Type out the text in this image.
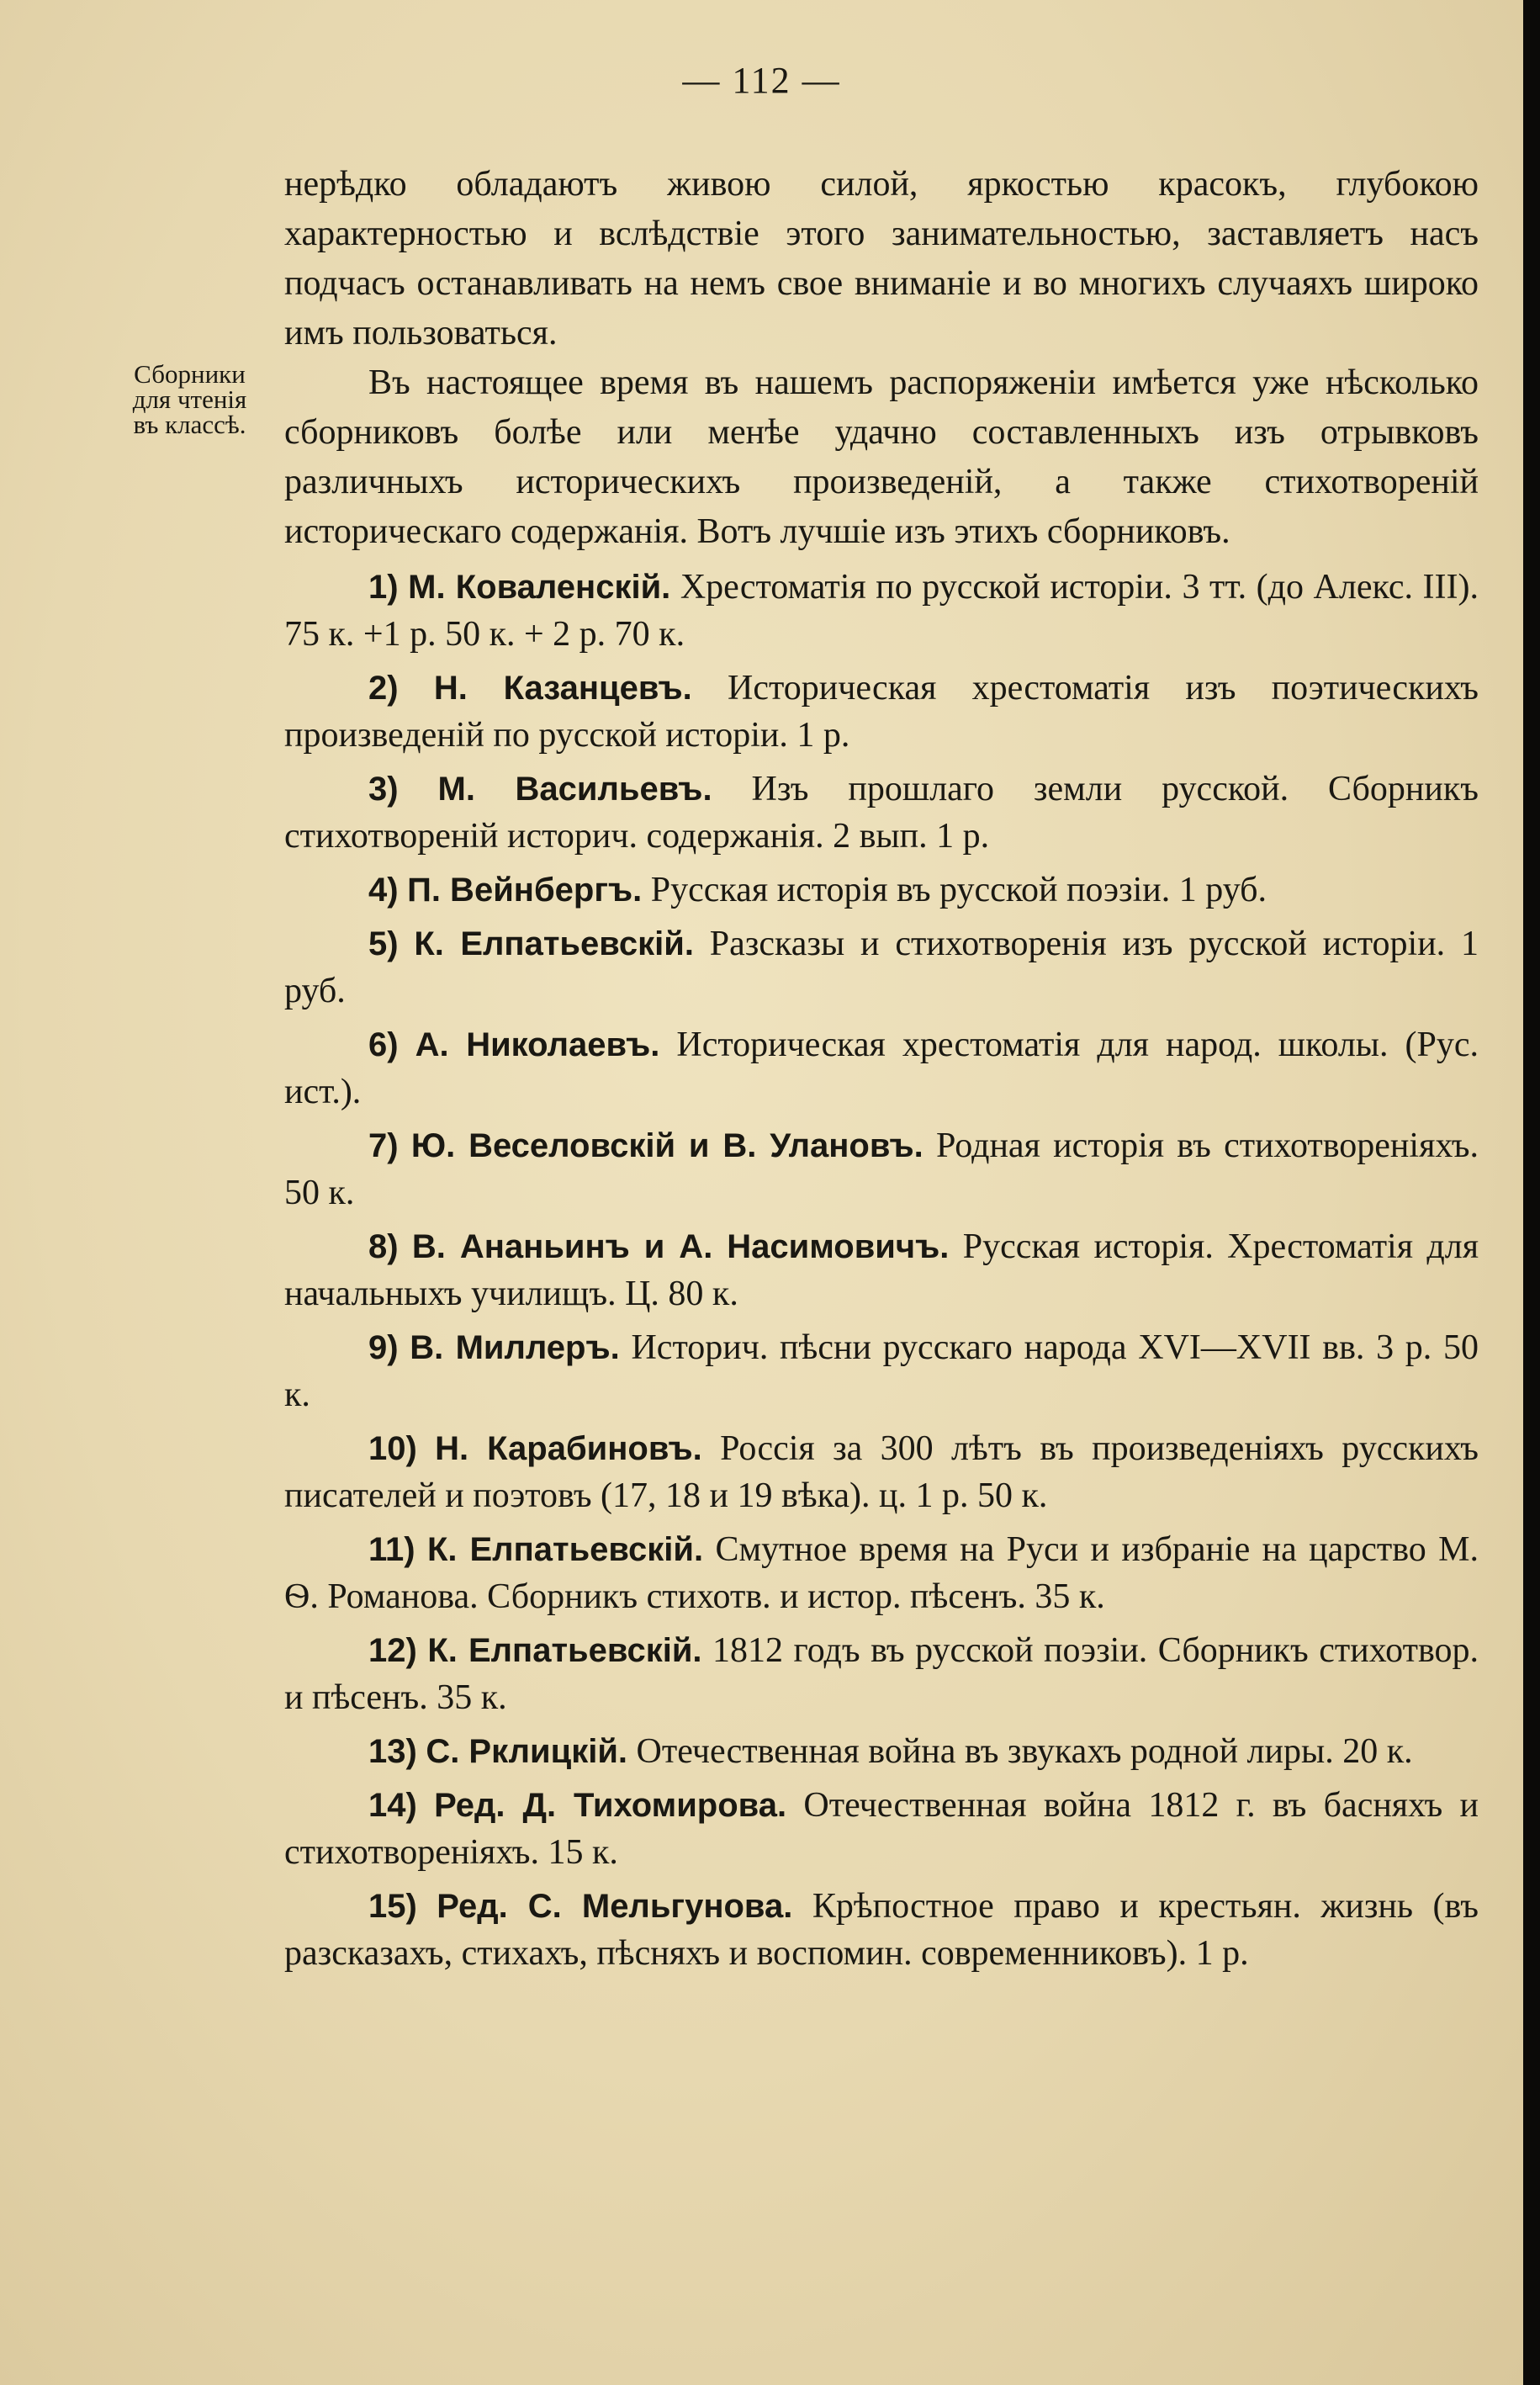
— 112 —
Сборники
для чтенія
въ классѣ.

нерѣдко обладаютъ живою силой, яркостью красокъ, глубокою характерностью и вслѣдствіе этого занимательностью, заставляетъ насъ подчасъ останавливать на немъ свое вниманіе и во многихъ случаяхъ широко имъ пользоваться.

Въ настоящее время въ нашемъ распоряженіи имѣется уже нѣсколько сборниковъ болѣе или менѣе удачно составленныхъ изъ отрывковъ различныхъ историческихъ произведеній, а также стихотвореній историческаго содержанія. Вотъ лучшіе изъ этихъ сборниковъ.

1) М. Коваленскій. Хрестоматія по русской исторіи. 3 тт. (до Алекс. III). 75 к. +1 р. 50 к. + 2 р. 70 к.

2) Н. Казанцевъ. Историческая хрестоматія изъ поэтическихъ произведеній по русской исторіи. 1 р.

3) М. Васильевъ. Изъ прошлаго земли русской. Сборникъ стихотвореній историч. содержанія. 2 вып. 1 р.

4) П. Вейнбергъ. Русская исторія въ русской поэзіи. 1 руб.

5) К. Елпатьевскій. Разсказы и стихотворенія изъ русской исторіи. 1 руб.

6) А. Николаевъ. Историческая хрестоматія для народ. школы. (Рус. ист.).

7) Ю. Веселовскій и В. Улановъ. Родная исторія въ стихотвореніяхъ. 50 к.

8) В. Ананьинъ и А. Насимовичъ. Русская исторія. Хрестоматія для начальныхъ училищъ. Ц. 80 к.

9) В. Миллеръ. Историч. пѣсни русскаго народа XVI—XVII вв. 3 р. 50 к.

10) Н. Карабиновъ. Россія за 300 лѣтъ въ произведеніяхъ русскихъ писателей и поэтовъ (17, 18 и 19 вѣка). ц. 1 р. 50 к.

11) К. Елпатьевскій. Смутное время на Руси и избраніе на царство М. Ѳ. Романова. Сборникъ стихотв. и истор. пѣсенъ. 35 к.

12) К. Елпатьевскій. 1812 годъ въ русской поэзіи. Сборникъ стихотвор. и пѣсенъ. 35 к.

13) С. Рклицкій. Отечественная война въ звукахъ родной лиры. 20 к.

14) Ред. Д. Тихомирова. Отечественная война 1812 г. въ басняхъ и стихотвореніяхъ. 15 к.

15) Ред. С. Мельгунова. Крѣпостное право и крестьян. жизнь (въ разсказахъ, стихахъ, пѣсняхъ и воспомин. современниковъ). 1 р.
